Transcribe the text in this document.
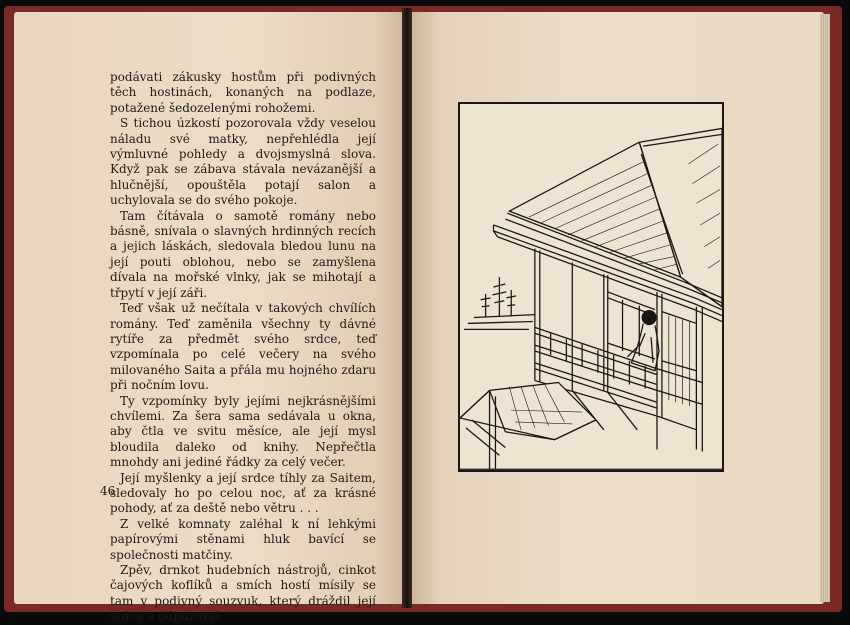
podávati zákusky hostům při podivných těch hostinách, konaných na podlaze, potažené šedozelenými rohožemi.

S tichou úzkostí pozorovala vždy veselou náladu své matky, nepřehlédla její výmluvné pohledy a dvojsmyslná slova. Když pak se zábava stávala nevázanější a hlučnější, opouštěla potají salon a uchylovala se do svého pokoje.

Tam čítávala o samotě romány nebo básně, snívala o slavných hrdinných recích a jejich láskách, sledovala bledou lunu na její pouti oblohou, nebo se zamyšlena dívala na mořské vlnky, jak se mihotají a třpytí v její záři.

Teď však už nečítala v takových chvílích romány. Teď zaměnila všechny ty dávné rytíře za předmět svého srdce, teď vzpomínala po celé večery na svého milovaného Saita a přála mu hojného zdaru při nočním lovu.

Ty vzpomínky byly jejími nejkrásnějšími chvílemi. Za šera sama sedávala u okna, aby čtla ve svitu měsíce, ale její mysl bloudila daleko od knihy. Nepřečtla mnohdy ani jediné řádky za celý večer.

Její myšlenky a její srdce tíhly za Saitem, sledovaly ho po celou noc, ať za krásné pohody, ať za deště nebo větru . . .

Z velké komnaty zaléhal k ní lehkými papírovými stěnami hluk bavící se společnosti matčiny.

Zpěv, drnkot hudebních nástrojů, cinkot čajových koflíků a smích hostí mísily se tam v podivný souzvuk, který dráždil její srdce a odpuzoval

46
